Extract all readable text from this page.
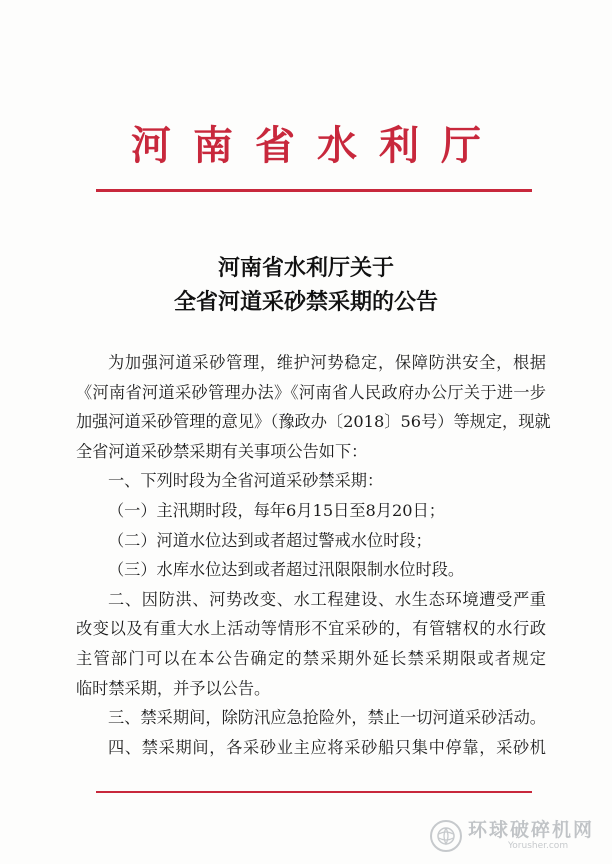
河南省水利厅
河南省水利厅关于
全省河道采砂禁采期的公告
为加强河道采砂管理，维护河势稳定，保障防洪安全，根据
《河南省河道采砂管理办法》《河南省人民政府办公厅关于进一步
加强河道采砂管理的意见》（豫政办〔2018〕56号）等规定，现就
全省河道采砂禁采期有关事项公告如下：
一、下列时段为全省河道采砂禁采期：
（一）主汛期时段，每年6月15日至8月20日；
（二）河道水位达到或者超过警戒水位时段；
（三）水库水位达到或者超过汛限限制水位时段。
二、因防洪、河势改变、水工程建设、水生态环境遭受严重
改变以及有重大水上活动等情形不宜采砂的，有管辖权的水行政
主管部门可以在本公告确定的禁采期外延长禁采期限或者规定
临时禁采期，并予以公告。
三、禁采期间，除防汛应急抢险外，禁止一切河道采砂活动。
四、禁采期间，各采砂业主应将采砂船只集中停靠，采砂机
环球破碎机网
Yorusher.com
